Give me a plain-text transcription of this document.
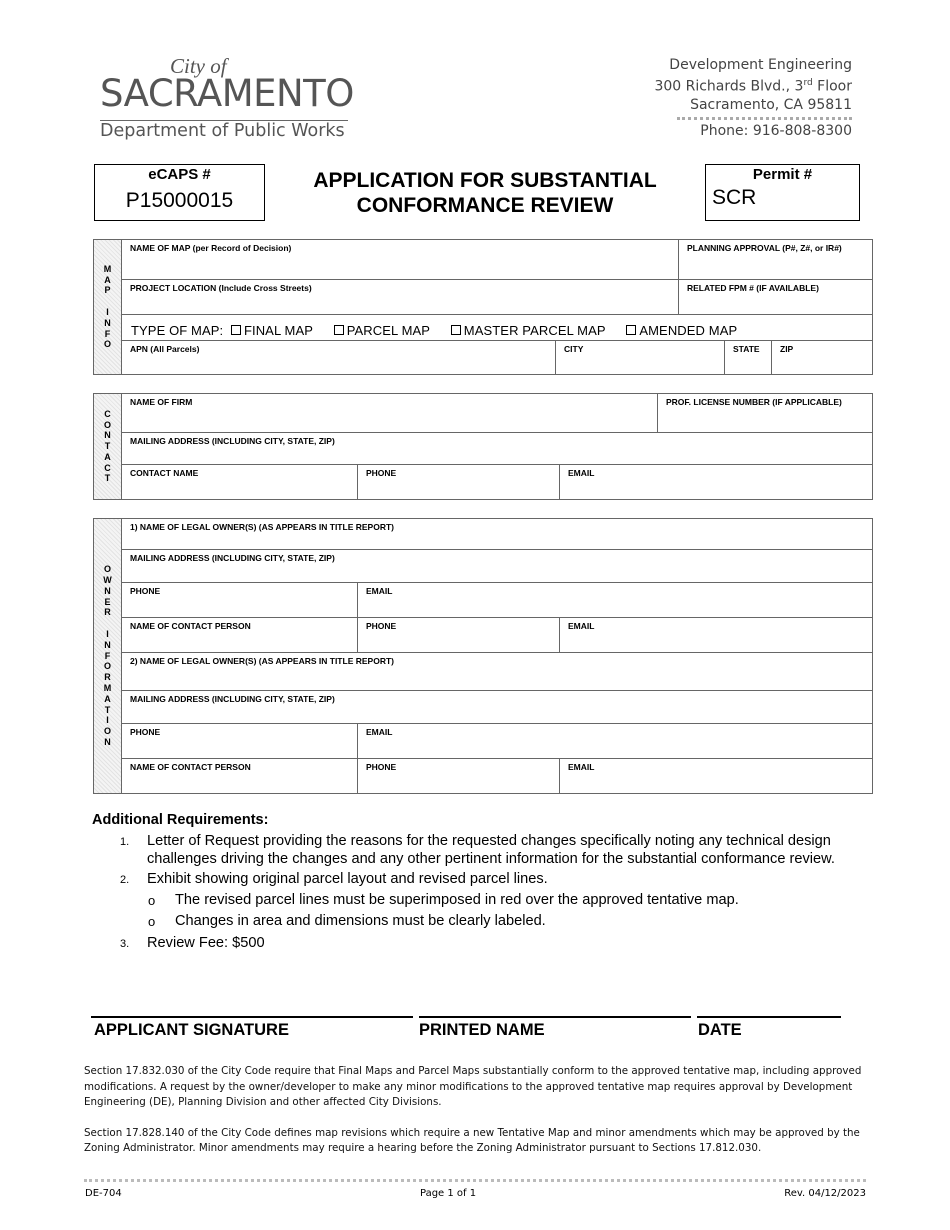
City of
SACRAMENTO
Department of Public Works
Development Engineering
300 Richards Blvd., 3rd Floor
Sacramento, CA 95811
Phone: 916-808-8300
eCAPS #
P15000015
APPLICATION FOR SUBSTANTIAL
CONFORMANCE REVIEW
Permit #
SCR
M
A
P

I
N
F
O
NAME OF MAP (per Record of Decision)	PLANNING APPROVAL (P#, Z#, or IR#)
PROJECT LOCATION (Include Cross Streets)	RELATED FPM # (IF AVAILABLE)
TYPE OF MAP: FINAL MAP	PARCEL MAP	MASTER PARCEL MAP	AMENDED MAP
APN (All Parcels)	CITY	STATE ZIP
C
O
N
T
A
C
T
NAME OF FIRM	PROF. LICENSE NUMBER (IF APPLICABLE)
MAILING ADDRESS (INCLUDING CITY, STATE, ZIP)
CONTACT NAME	PHONE	EMAIL
O
W
N
E
R

I
N
F
O
R
M
A
T
I
O
N
1) NAME OF LEGAL OWNER(S) (AS APPEARS IN TITLE REPORT)
MAILING ADDRESS (INCLUDING CITY, STATE, ZIP)
PHONE	EMAIL
NAME OF CONTACT PERSON	PHONE	EMAIL
2) NAME OF LEGAL OWNER(S) (AS APPEARS IN TITLE REPORT)
MAILING ADDRESS (INCLUDING CITY, STATE, ZIP)
PHONE	EMAIL
NAME OF CONTACT PERSON	PHONE	EMAIL
Additional Requirements:
1. Letter of Request providing the reasons for the requested changes specifically noting any technical design challenges driving the changes and any other pertinent information for the substantial conformance review.
2. Exhibit showing original parcel layout and revised parcel lines.
o The revised parcel lines must be superimposed in red over the approved tentative map.
o Changes in area and dimensions must be clearly labeled.
3. Review Fee: $500
APPLICANT SIGNATURE	PRINTED NAME	DATE

Section 17.832.030 of the City Code require that Final Maps and Parcel Maps substantially conform to the approved tentative map, including approved modifications. A request by the owner/developer to make any minor modifications to the approved tentative map requires approval by Development Engineering (DE), Planning Division and other affected City Divisions.

Section 17.828.140 of the City Code defines map revisions which require a new Tentative Map and minor amendments which may be approved by the Zoning Administrator. Minor amendments may require a hearing before the Zoning Administrator pursuant to Sections 17.812.030.

DE-704	Page 1 of 1	Rev. 04/12/2023
